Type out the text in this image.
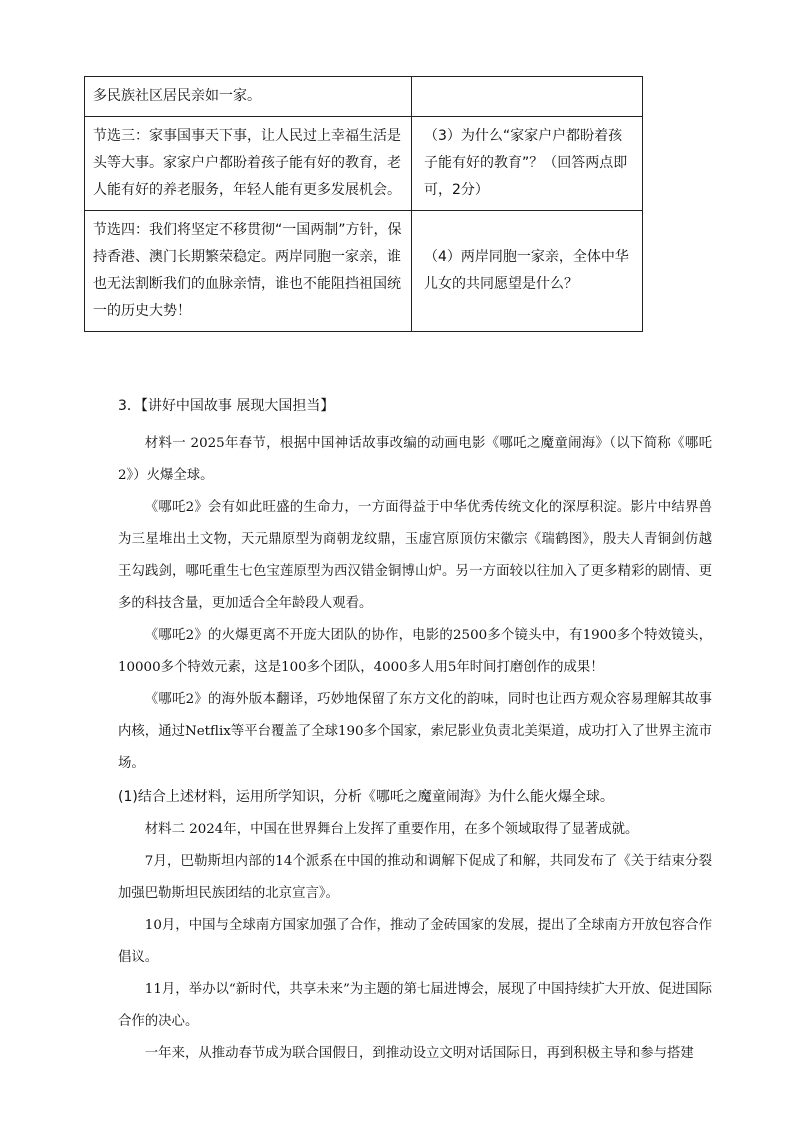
多民族社区居民亲如一家。	
节选三：家事国事天下事，让人民过上幸福生活是头等大事。家家户户都盼着孩子能有好的教育，老人能有好的养老服务，年轻人能有更多发展机会。	（3）为什么“家家户户都盼着孩子能有好的教育”？（回答两点即可，2分）
节选四：我们将坚定不移贯彻“一国两制”方针，保持香港、澳门长期繁荣稳定。两岸同胞一家亲，谁也无法割断我们的血脉亲情，谁也不能阻挡祖国统一的历史大势！	（4）两岸同胞一家亲，全体中华儿女的共同愿望是什么？
3．【讲好中国故事 展现大国担当】

材料一 2025年春节，根据中国神话故事改编的动画电影《哪吒之魔童闹海》（以下简称《哪吒2》）火爆全球。

《哪吒2》会有如此旺盛的生命力，一方面得益于中华优秀传统文化的深厚积淀。影片中结界兽为三星堆出土文物，天元鼎原型为商朝龙纹鼎，玉虚宫原顶仿宋徽宗《瑞鹤图》，殷夫人青铜剑仿越王勾践剑，哪吒重生七色宝莲原型为西汉错金铜博山炉。另一方面较以往加入了更多精彩的剧情、更多的科技含量，更加适合全年龄段人观看。

《哪吒2》的火爆更离不开庞大团队的协作，电影的2500多个镜头中，有1900多个特效镜头，10000多个特效元素，这是100多个团队，4000多人用5年时间打磨创作的成果！

《哪吒2》的海外版本翻译，巧妙地保留了东方文化的韵味，同时也让西方观众容易理解其故事内核，通过Netflix等平台覆盖了全球190多个国家，索尼影业负责北美渠道，成功打入了世界主流市场。

(1)结合上述材料，运用所学知识，分析《哪吒之魔童闹海》为什么能火爆全球。

材料二 2024年，中国在世界舞台上发挥了重要作用，在多个领域取得了显著成就。

7月，巴勒斯坦内部的14个派系在中国的推动和调解下促成了和解，共同发布了《关于结束分裂加强巴勒斯坦民族团结的北京宣言》。

10月，中国与全球南方国家加强了合作，推动了金砖国家的发展，提出了全球南方开放包容合作倡议。

11月，举办以“新时代，共享未来”为主题的第七届进博会，展现了中国持续扩大开放、促进国际合作的决心。

一年来，从推动春节成为联合国假日，到推动设立文明对话国际日，再到积极主导和参与搭建
